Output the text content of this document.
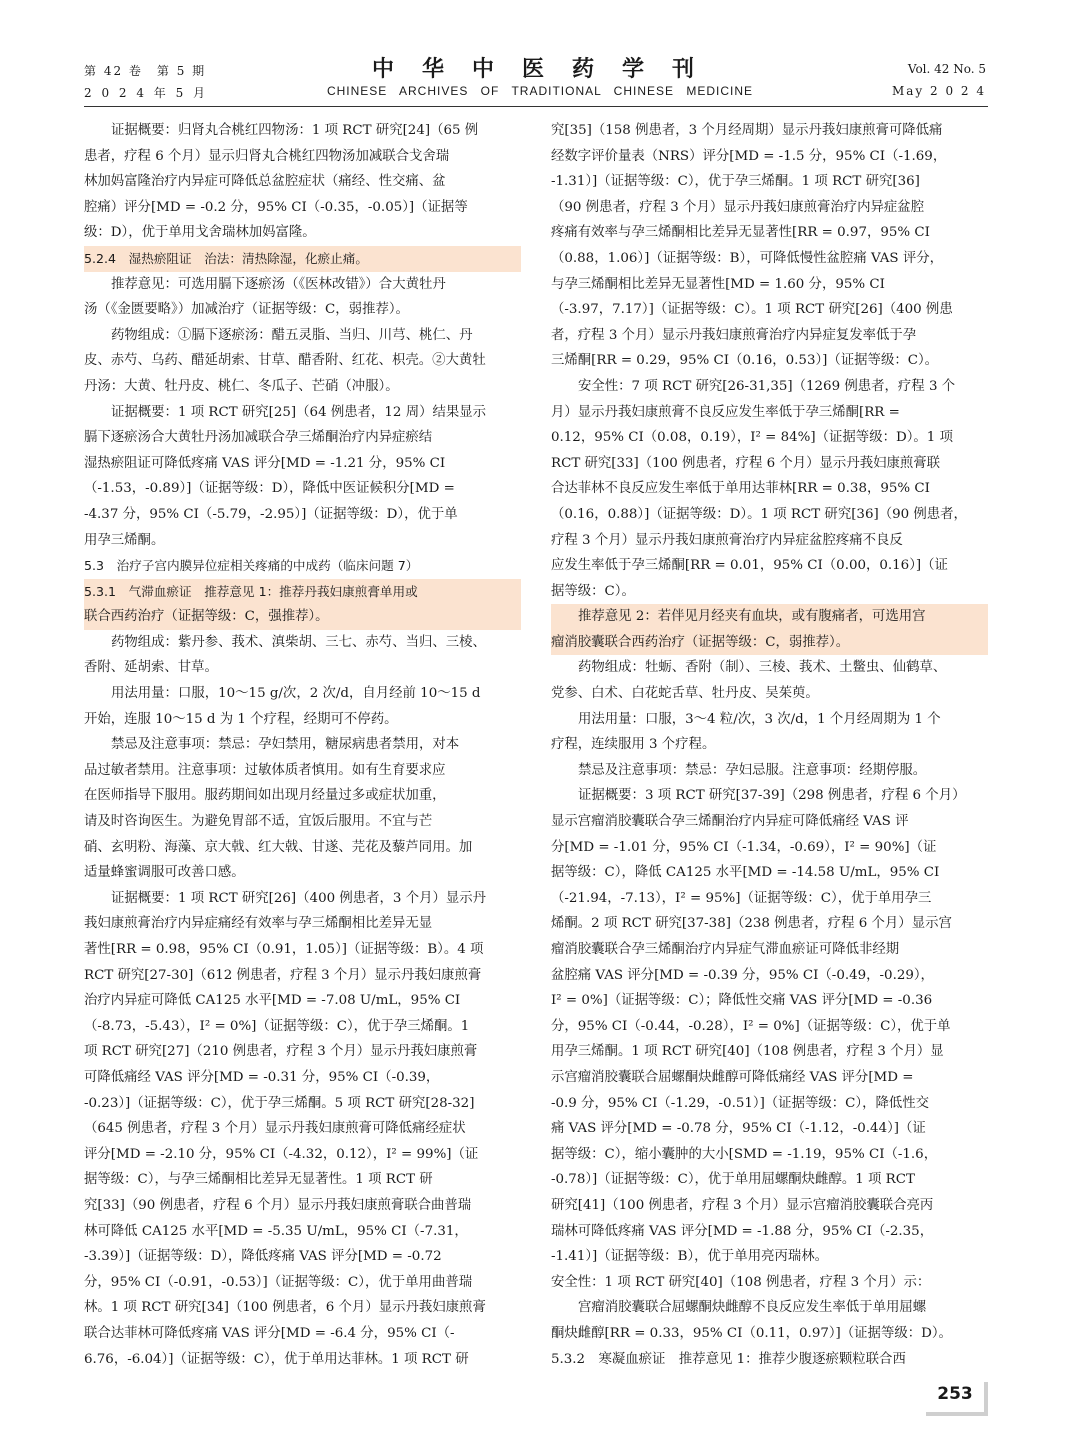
第 42 卷　第 5 期
2 0 2 4 年 5 月
中华中医药学刊
CHINESE ARCHIVES OF TRADITIONAL CHINESE MEDICINE
Vol. 42 No. 5
May 2 0 2 4
证据概要：归肾丸合桃红四物汤：1 项 RCT 研究[24]（65 例
患者，疗程 6 个月）显示归肾丸合桃红四物汤加减联合戈舍瑞
林加妈富隆治疗内异症可降低总盆腔症状（痛经、性交痛、盆
腔痛）评分[MD = -0.2 分，95% CI（-0.35，-0.05）]（证据等
级：D），优于单用戈舍瑞林加妈富隆。
5.2.4　湿热瘀阻证　治法：清热除湿，化瘀止痛。
推荐意见：可选用膈下逐瘀汤（《医林改错》）合大黄牡丹
汤（《金匮要略》）加减治疗（证据等级：C，弱推荐）。
药物组成：①膈下逐瘀汤：醋五灵脂、当归、川芎、桃仁、丹
皮、赤芍、乌药、醋延胡索、甘草、醋香附、红花、枳壳。②大黄牡
丹汤：大黄、牡丹皮、桃仁、冬瓜子、芒硝（冲服）。
证据概要：1 项 RCT 研究[25]（64 例患者，12 周）结果显示
膈下逐瘀汤合大黄牡丹汤加减联合孕三烯酮治疗内异症瘀结
湿热瘀阻证可降低疼痛 VAS 评分[MD = -1.21 分，95% CI
（-1.53，-0.89）]（证据等级：D），降低中医证候积分[MD =
-4.37 分，95% CI（-5.79，-2.95）]（证据等级：D），优于单
用孕三烯酮。
5.3　治疗子宫内膜异位症相关疼痛的中成药（临床问题 7）
5.3.1　气滞血瘀证　推荐意见 1：推荐丹莪妇康煎膏单用或
联合西药治疗（证据等级：C，强推荐）。
药物组成：紫丹参、莪术、滇柴胡、三七、赤芍、当归、三棱、
香附、延胡索、甘草。
用法用量：口服，10～15 g/次，2 次/d，自月经前 10～15 d
开始，连服 10～15 d 为 1 个疗程，经期可不停药。
禁忌及注意事项：禁忌：孕妇禁用，糖尿病患者禁用，对本
品过敏者禁用。注意事项：过敏体质者慎用。如有生育要求应
在医师指导下服用。服药期间如出现月经量过多或症状加重，
请及时咨询医生。为避免胃部不适，宜饭后服用。不宜与芒
硝、玄明粉、海藻、京大戟、红大戟、甘遂、芫花及藜芦同用。加
适量蜂蜜调服可改善口感。
证据概要：1 项 RCT 研究[26]（400 例患者，3 个月）显示丹
莪妇康煎膏治疗内异症痛经有效率与孕三烯酮相比差异无显
著性[RR = 0.98，95% CI（0.91，1.05）]（证据等级：B）。4 项
RCT 研究[27-30]（612 例患者，疗程 3 个月）显示丹莪妇康煎膏
治疗内异症可降低 CA125 水平[MD = -7.08 U/mL，95% CI
（-8.73，-5.43），I² = 0%]（证据等级：C），优于孕三烯酮。1
项 RCT 研究[27]（210 例患者，疗程 3 个月）显示丹莪妇康煎膏
可降低痛经 VAS 评分[MD = -0.31 分，95% CI（-0.39，
-0.23）]（证据等级：C），优于孕三烯酮。5 项 RCT 研究[28-32]
（645 例患者，疗程 3 个月）显示丹莪妇康煎膏可降低痛经症状
评分[MD = -2.10 分，95% CI（-4.32，0.12），I² = 99%]（证
据等级：C），与孕三烯酮相比差异无显著性。1 项 RCT 研
究[33]（90 例患者，疗程 6 个月）显示丹莪妇康煎膏联合曲普瑞
林可降低 CA125 水平[MD = -5.35 U/mL，95% CI（-7.31，
-3.39）]（证据等级：D），降低疼痛 VAS 评分[MD = -0.72
分，95% CI（-0.91，-0.53）]（证据等级：C），优于单用曲普瑞
林。1 项 RCT 研究[34]（100 例患者，6 个月）显示丹莪妇康煎膏
联合达菲林可降低疼痛 VAS 评分[MD = -6.4 分，95% CI（-
6.76，-6.04）]（证据等级：C），优于单用达菲林。1 项 RCT 研
究[35]（158 例患者，3 个月经周期）显示丹莪妇康煎膏可降低痛
经数字评价量表（NRS）评分[MD = -1.5 分，95% CI（-1.69，
-1.31）]（证据等级：C），优于孕三烯酮。1 项 RCT 研究[36]
（90 例患者，疗程 3 个月）显示丹莪妇康煎膏治疗内异症盆腔
疼痛有效率与孕三烯酮相比差异无显著性[RR = 0.97，95% CI
（0.88，1.06）]（证据等级：B），可降低慢性盆腔痛 VAS 评分，
与孕三烯酮相比差异无显著性[MD = 1.60 分，95% CI
（-3.97，7.17）]（证据等级：C）。1 项 RCT 研究[26]（400 例患
者，疗程 3 个月）显示丹莪妇康煎膏治疗内异症复发率低于孕
三烯酮[RR = 0.29，95% CI（0.16，0.53）]（证据等级：C）。
安全性：7 项 RCT 研究[26-31,35]（1269 例患者，疗程 3 个
月）显示丹莪妇康煎膏不良反应发生率低于孕三烯酮[RR =
0.12，95% CI（0.08，0.19），I² = 84%]（证据等级：D）。1 项
RCT 研究[33]（100 例患者，疗程 6 个月）显示丹莪妇康煎膏联
合达菲林不良反应发生率低于单用达菲林[RR = 0.38，95% CI
（0.16，0.88）]（证据等级：D）。1 项 RCT 研究[36]（90 例患者，
疗程 3 个月）显示丹莪妇康煎膏治疗内异症盆腔疼痛不良反
应发生率低于孕三烯酮[RR = 0.01，95% CI（0.00，0.16）]（证
据等级：C）。
推荐意见 2：若伴见月经夹有血块，或有腹痛者，可选用宫
瘤消胶囊联合西药治疗（证据等级：C，弱推荐）。
药物组成：牡蛎、香附（制）、三棱、莪术、土鳖虫、仙鹤草、
党参、白术、白花蛇舌草、牡丹皮、吴茱萸。
用法用量：口服，3～4 粒/次，3 次/d，1 个月经周期为 1 个
疗程，连续服用 3 个疗程。
禁忌及注意事项：禁忌：孕妇忌服。注意事项：经期停服。
证据概要：3 项 RCT 研究[37-39]（298 例患者，疗程 6 个月）
显示宫瘤消胶囊联合孕三烯酮治疗内异症可降低痛经 VAS 评
分[MD = -1.01 分，95% CI（-1.34，-0.69），I² = 90%]（证
据等级：C），降低 CA125 水平[MD = -14.58 U/mL，95% CI
（-21.94，-7.13），I² = 95%]（证据等级：C），优于单用孕三
烯酮。2 项 RCT 研究[37-38]（238 例患者，疗程 6 个月）显示宫
瘤消胶囊联合孕三烯酮治疗内异症气滞血瘀证可降低非经期
盆腔痛 VAS 评分[MD = -0.39 分，95% CI（-0.49，-0.29），
I² = 0%]（证据等级：C）；降低性交痛 VAS 评分[MD = -0.36
分，95% CI（-0.44，-0.28），I² = 0%]（证据等级：C），优于单
用孕三烯酮。1 项 RCT 研究[40]（108 例患者，疗程 3 个月）显
示宫瘤消胶囊联合屈螺酮炔雌醇可降低痛经 VAS 评分[MD =
-0.9 分，95% CI（-1.29，-0.51）]（证据等级：C），降低性交
痛 VAS 评分[MD = -0.78 分，95% CI（-1.12，-0.44）]（证
据等级：C），缩小囊肿的大小[SMD = -1.19，95% CI（-1.6，
-0.78）]（证据等级：C），优于单用屈螺酮炔雌醇。1 项 RCT
研究[41]（100 例患者，疗程 3 个月）显示宫瘤消胶囊联合亮丙
瑞林可降低疼痛 VAS 评分[MD = -1.88 分，95% CI（-2.35，
-1.41）]（证据等级：B），优于单用亮丙瑞林。
安全性：1 项 RCT 研究[40]（108 例患者，疗程 3 个月）示：
宫瘤消胶囊联合屈螺酮炔雌醇不良反应发生率低于单用屈螺
酮炔雌醇[RR = 0.33，95% CI（0.11，0.97）]（证据等级：D）。
5.3.2　寒凝血瘀证　推荐意见 1：推荐少腹逐瘀颗粒联合西
253
